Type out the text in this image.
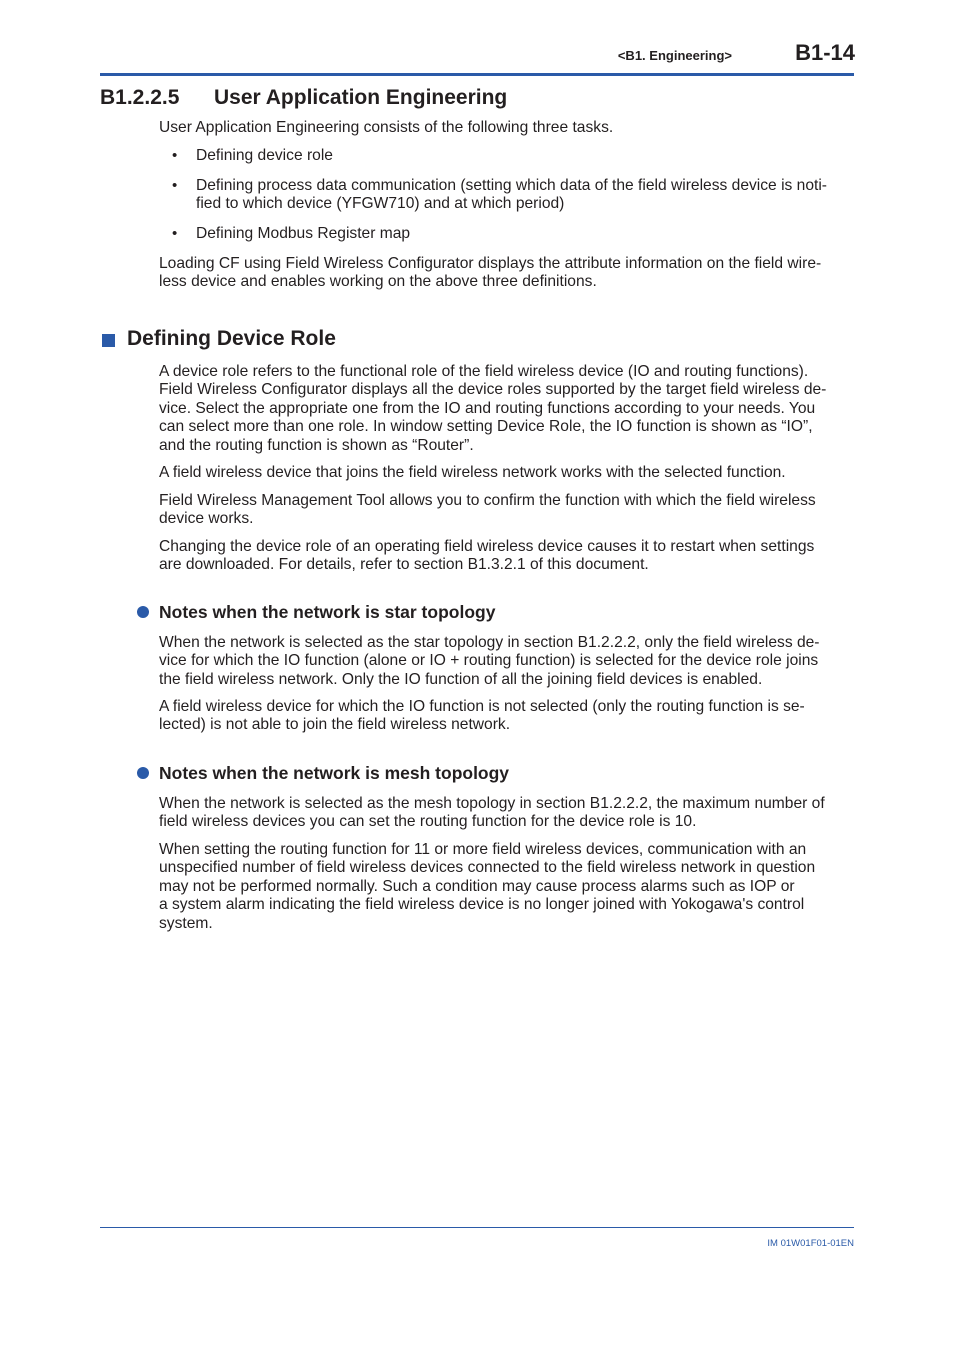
<B1. Engineering>	B1-14
B1.2.2.5 User Application Engineering
User Application Engineering consists of the following three tasks.
• Defining device role
• Defining process data communication (setting which data of the field wireless device is noti-
fied to which device (YFGW710) and at which period)
• Defining Modbus Register map
Loading CF using Field Wireless Configurator displays the attribute information on the field wire-
less device and enables working on the above three definitions.
Defining Device Role
A device role refers to the functional role of the field wireless device (IO and routing functions).
Field Wireless Configurator displays all the device roles supported by the target field wireless de-
vice. Select the appropriate one from the IO and routing functions according to your needs. You
can select more than one role. In window setting Device Role, the IO function is shown as “IO”,
and the routing function is shown as “Router”.
A field wireless device that joins the field wireless network works with the selected function.
Field Wireless Management Tool allows you to confirm the function with which the field wireless
device works.
Changing the device role of an operating field wireless device causes it to restart when settings
are downloaded. For details, refer to section B1.3.2.1 of this document.
Notes when the network is star topology
When the network is selected as the star topology in section B1.2.2.2, only the field wireless de-
vice for which the IO function (alone or IO + routing function) is selected for the device role joins
the field wireless network. Only the IO function of all the joining field devices is enabled.
A field wireless device for which the IO function is not selected (only the routing function is se-
lected) is not able to join the field wireless network.
Notes when the network is mesh topology
When the network is selected as the mesh topology in section B1.2.2.2, the maximum number of
field wireless devices you can set the routing function for the device role is 10.
When setting the routing function for 11 or more field wireless devices, communication with an
unspecified number of field wireless devices connected to the field wireless network in question
may not be performed normally. Such a condition may cause process alarms such as IOP or
a system alarm indicating the field wireless device is no longer joined with Yokogawa's control
system.
IM 01W01F01-01EN
